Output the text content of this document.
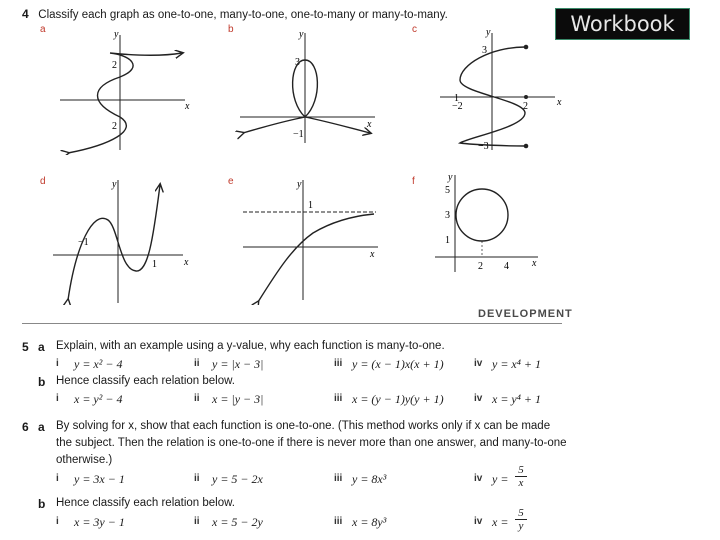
4 Classify each graph as one-to-one, many-to-one, one-to-many or many-to-many.	Workbook
a	y
x
2
2
b	y
x
3
−1
c	y
x
3
1
−2	2
−3
d	y
x
−1
1
e	y
x
1
f	y
x
5
3
1
2 4
DEVELOPMENT
5 a Explain, with an example using a y-value, why each function is many-to-one.
i y = x² − 4	ii y = |x − 3|	iii y = (x − 1)x(x + 1)	iv y = x⁴ + 1
b Hence classify each relation below.
i x = y² − 4	ii x = |y − 3|	iii x = (y − 1)y(y + 1)	iv x = y⁴ + 1
6 a By solving for x, show that each function is one-to-one. (This method works only if x can be made
the subject. Then the relation is one-to-one if there is never more than one answer, and many-to-one
otherwise.)
i y = 3x − 1	ii y = 5 − 2x	iii y = 8x³	iv $y = \frac{5}{x}$
b Hence classify each relation below.
i x = 3y − 1	ii x = 5 − 2y	iii x = 8y³	iv $x = \frac{5}{y}$
